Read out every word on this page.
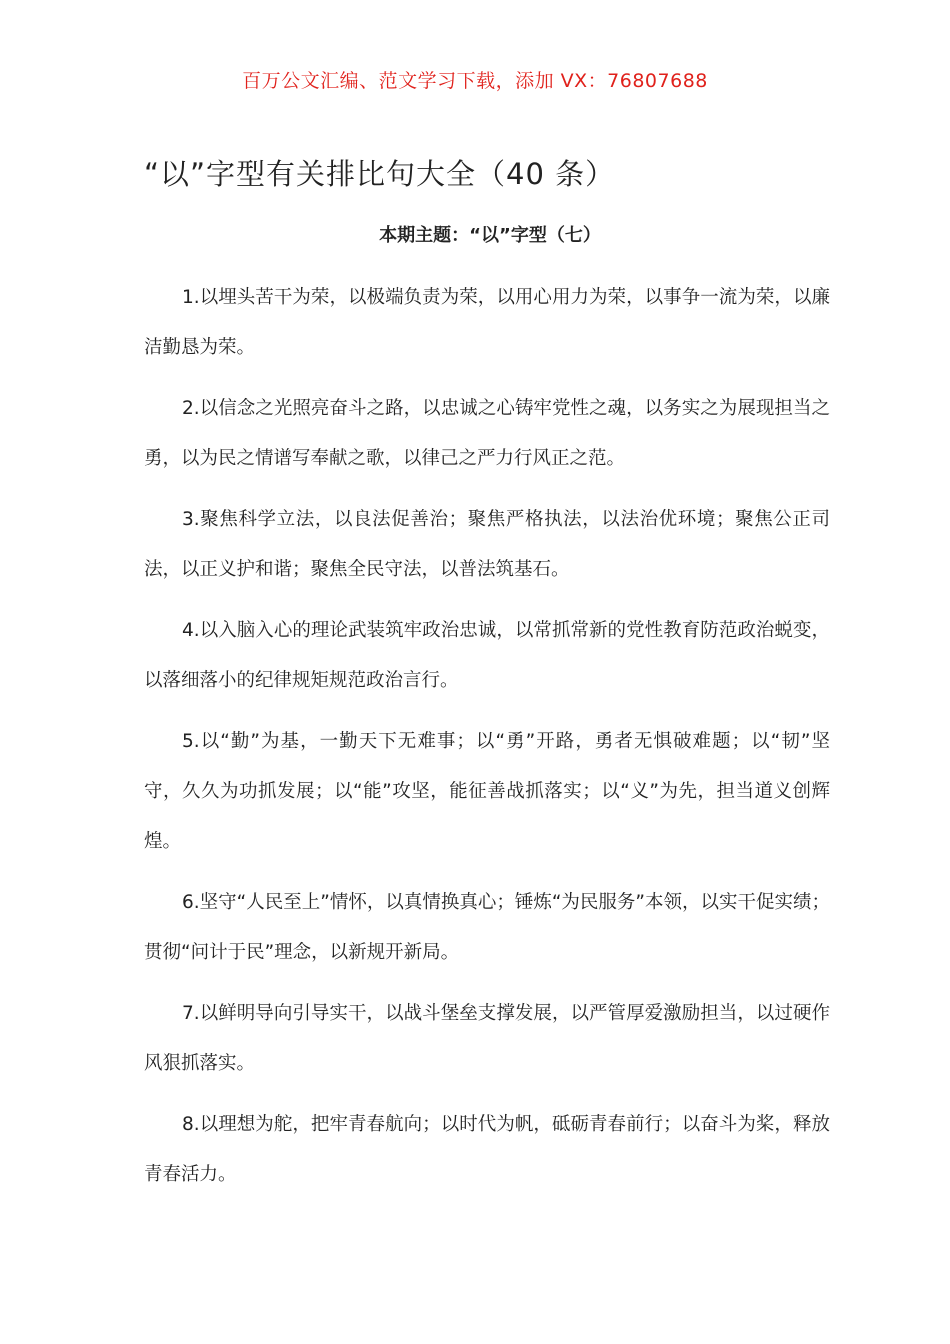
百万公文汇编、范文学习下载，添加 VX：76807688
“以”字型有关排比句大全（40 条）
本期主题：“以”字型（七）

1.以埋头苦干为荣，以极端负责为荣，以用心用力为荣，以事争一流为荣，以廉洁勤恳为荣。

2.以信念之光照亮奋斗之路，以忠诚之心铸牢党性之魂，以务实之为展现担当之勇，以为民之情谱写奉献之歌，以律己之严力行风正之范。

3.聚焦科学立法，以良法促善治；聚焦严格执法，以法治优环境；聚焦公正司法，以正义护和谐；聚焦全民守法，以普法筑基石。

4.以入脑入心的理论武装筑牢政治忠诚，以常抓常新的党性教育防范政治蜕变，以落细落小的纪律规矩规范政治言行。

5.以“勤”为基，一勤天下无难事；以“勇”开路，勇者无惧破难题；以“韧”坚守，久久为功抓发展；以“能”攻坚，能征善战抓落实；以“义”为先，担当道义创辉煌。

6.坚守“人民至上”情怀，以真情换真心；锤炼“为民服务”本领，以实干促实绩；贯彻“问计于民”理念，以新规开新局。

7.以鲜明导向引导实干，以战斗堡垒支撑发展，以严管厚爱激励担当，以过硬作风狠抓落实。

8.以理想为舵，把牢青春航向；以时代为帆，砥砺青春前行；以奋斗为桨，释放青春活力。
